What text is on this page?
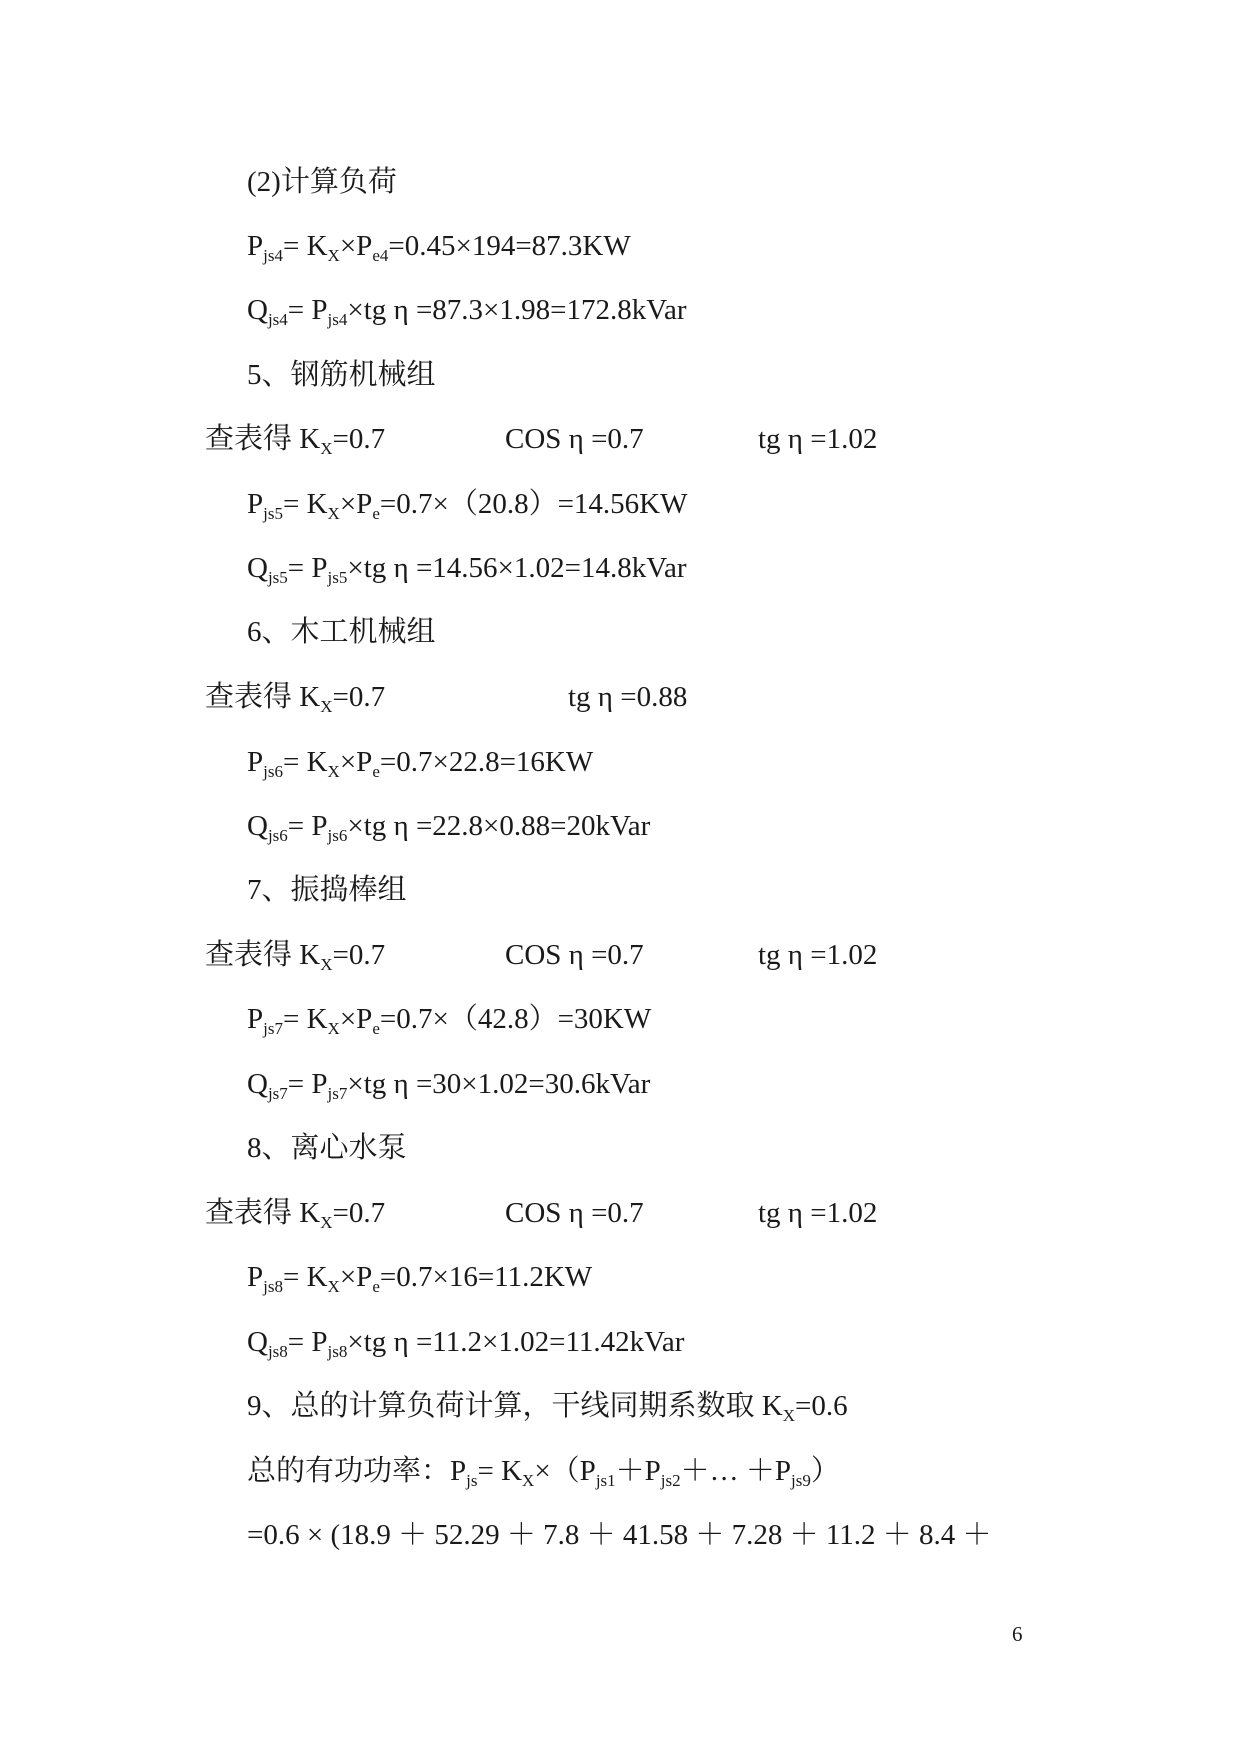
(2)计算负荷
$P_{js4}= K_X\times P_{e4}=0.45\times 194=87.3KW$
$Q_{js4}= P_{js4}\times tg$ η =87.3×1.98=172.8kVar
5、钢筋机械组
查表得 $K_X=0.7$	COS η =0.7	tg η =1.02
$P_{js5}= K_X\times P_e=0.7\times(20.8)=14.56KW$
$Q_{js5}= P_{js5}\times tg$ η =14.56×1.02=14.8kVar
6、木工机械组
查表得 $K_X=0.7$	tg η =0.88
$P_{js6}= K_X\times P_e=0.7\times 22.8=16KW$
$Q_{js6}= P_{js6}\times tg$ η =22.8×0.88=20kVar
7、振捣棒组
查表得 $K_X=0.7$	COS η =0.7	tg η =1.02
$P_{js7}= K_X\times P_e=0.7\times(42.8)=30KW$
$Q_{js7}= P_{js7}\times tg$ η =30×1.02=30.6kVar
8、离心水泵
查表得 $K_X=0.7$	COS η =0.7	tg η =1.02
$P_{js8}= K_X\times P_e=0.7\times 16=11.2KW$
$Q_{js8}= P_{js8}\times tg$ η =11.2×1.02=11.42kVar
9、总的计算负荷计算，干线同期系数取 $K_X=0.6$
总的有功功率：$P_{js}=$ $K_X\times(P_{js1}+P_{js2}+\dots +P_{js9})$
=0.6 × (18.9 ＋ 52.29 ＋ 7.8 ＋ 41.58 ＋ 7.28 ＋ 11.2 ＋ 8.4 ＋
6
